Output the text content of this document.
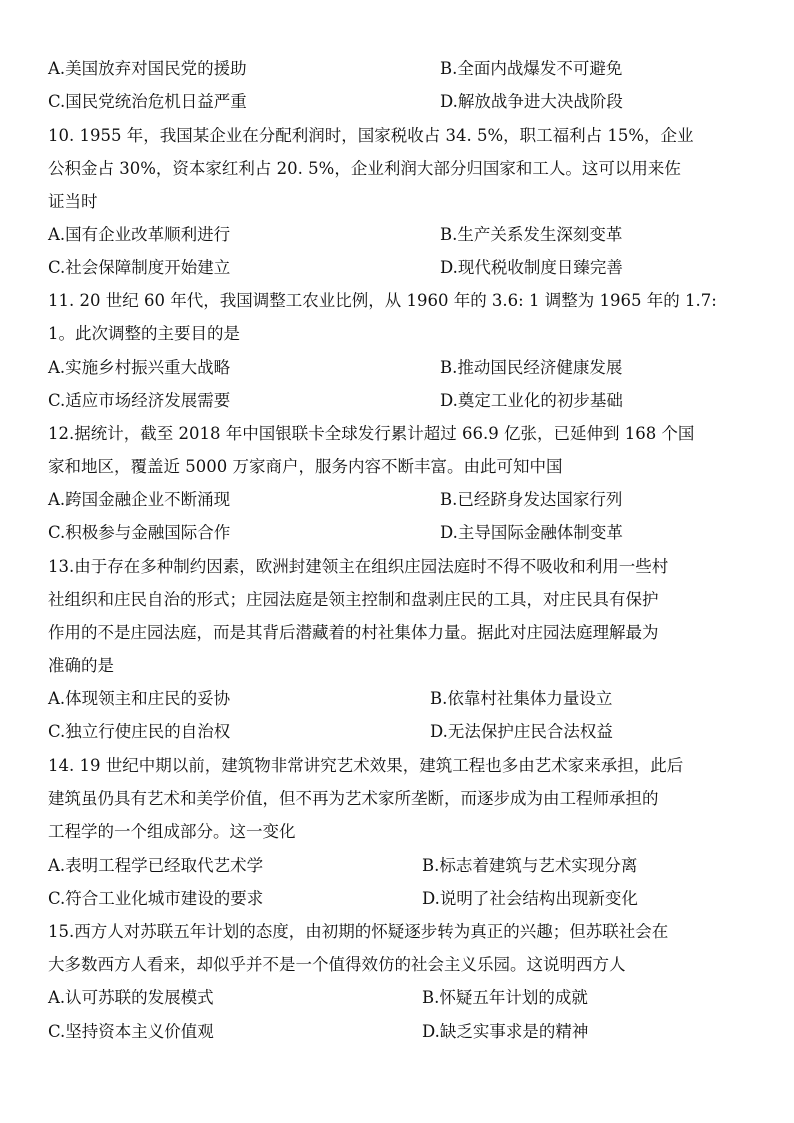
A.美国放弃对国民党的援助	B.全面内战爆发不可避免
C.国民党统治危机日益严重	D.解放战争进大决战阶段
10. 1955 年，我国某企业在分配利润时，国家税收占 34. 5%，职工福利占 15%，企业
公积金占 30%，资本家红利占 20. 5%，企业利润大部分归国家和工人。这可以用来佐
证当时
A.国有企业改革顺利进行	B.生产关系发生深刻变革
C.社会保障制度开始建立	D.现代税收制度日臻完善
11. 20 世纪 60 年代，我国调整工农业比例，从 1960 年的 3.6: 1 调整为 1965 年的 1.7:
1。此次调整的主要目的是
A.实施乡村振兴重大战略	B.推动国民经济健康发展
C.适应市场经济发展需要	D.奠定工业化的初步基础
12.据统计，截至 2018 年中国银联卡全球发行累计超过 66.9 亿张，已延伸到 168 个国
家和地区，覆盖近 5000 万家商户，服务内容不断丰富。由此可知中国
A.跨国金融企业不断涌现	B.已经跻身发达国家行列
C.积极参与金融国际合作	D.主导国际金融体制变革
13.由于存在多种制约因素，欧洲封建领主在组织庄园法庭时不得不吸收和利用一些村
社组织和庄民自治的形式；庄园法庭是领主控制和盘剥庄民的工具，对庄民具有保护
作用的不是庄园法庭，而是其背后潜藏着的村社集体力量。据此对庄园法庭理解最为
准确的是
A.体现领主和庄民的妥协	B.依靠村社集体力量设立
C.独立行使庄民的自治权	D.无法保护庄民合法权益
14. 19 世纪中期以前，建筑物非常讲究艺术效果，建筑工程也多由艺术家来承担，此后
建筑虽仍具有艺术和美学价值，但不再为艺术家所垄断，而逐步成为由工程师承担的
工程学的一个组成部分。这一变化
A.表明工程学已经取代艺术学	B.标志着建筑与艺术实现分离
C.符合工业化城市建设的要求	D.说明了社会结构出现新变化
15.西方人对苏联五年计划的态度，由初期的怀疑逐步转为真正的兴趣；但苏联社会在
大多数西方人看来，却似乎并不是一个值得效仿的社会主义乐园。这说明西方人
A.认可苏联的发展模式	B.怀疑五年计划的成就
C.坚持资本主义价值观	D.缺乏实事求是的精神
